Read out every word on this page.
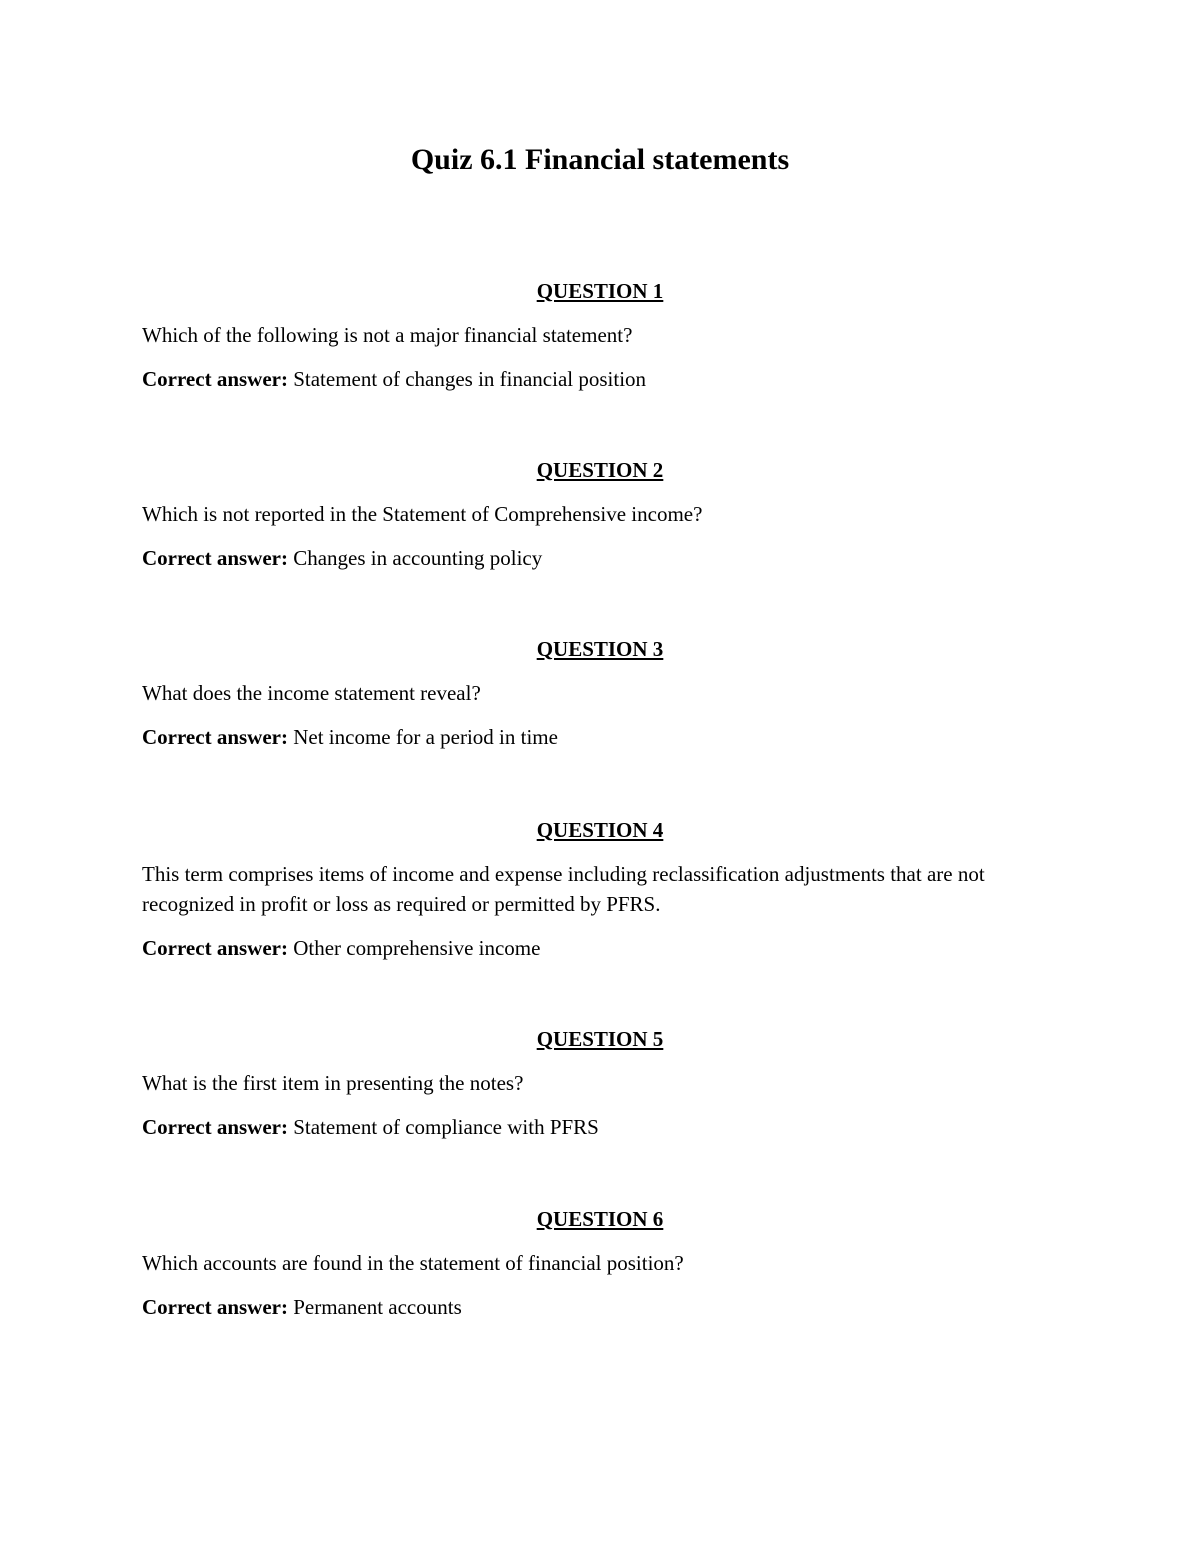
Quiz 6.1 Financial statements

QUESTION 1

Which of the following is not a major financial statement?

Correct answer: Statement of changes in financial position

QUESTION 2

Which is not reported in the Statement of Comprehensive income?

Correct answer: Changes in accounting policy

QUESTION 3

What does the income statement reveal?

Correct answer: Net income for a period in time

QUESTION 4

This term comprises items of income and expense including reclassification adjustments that are not recognized in profit or loss as required or permitted by PFRS.

Correct answer: Other comprehensive income

QUESTION 5

What is the first item in presenting the notes?

Correct answer: Statement of compliance with PFRS

QUESTION 6

Which accounts are found in the statement of financial position?

Correct answer: Permanent accounts
